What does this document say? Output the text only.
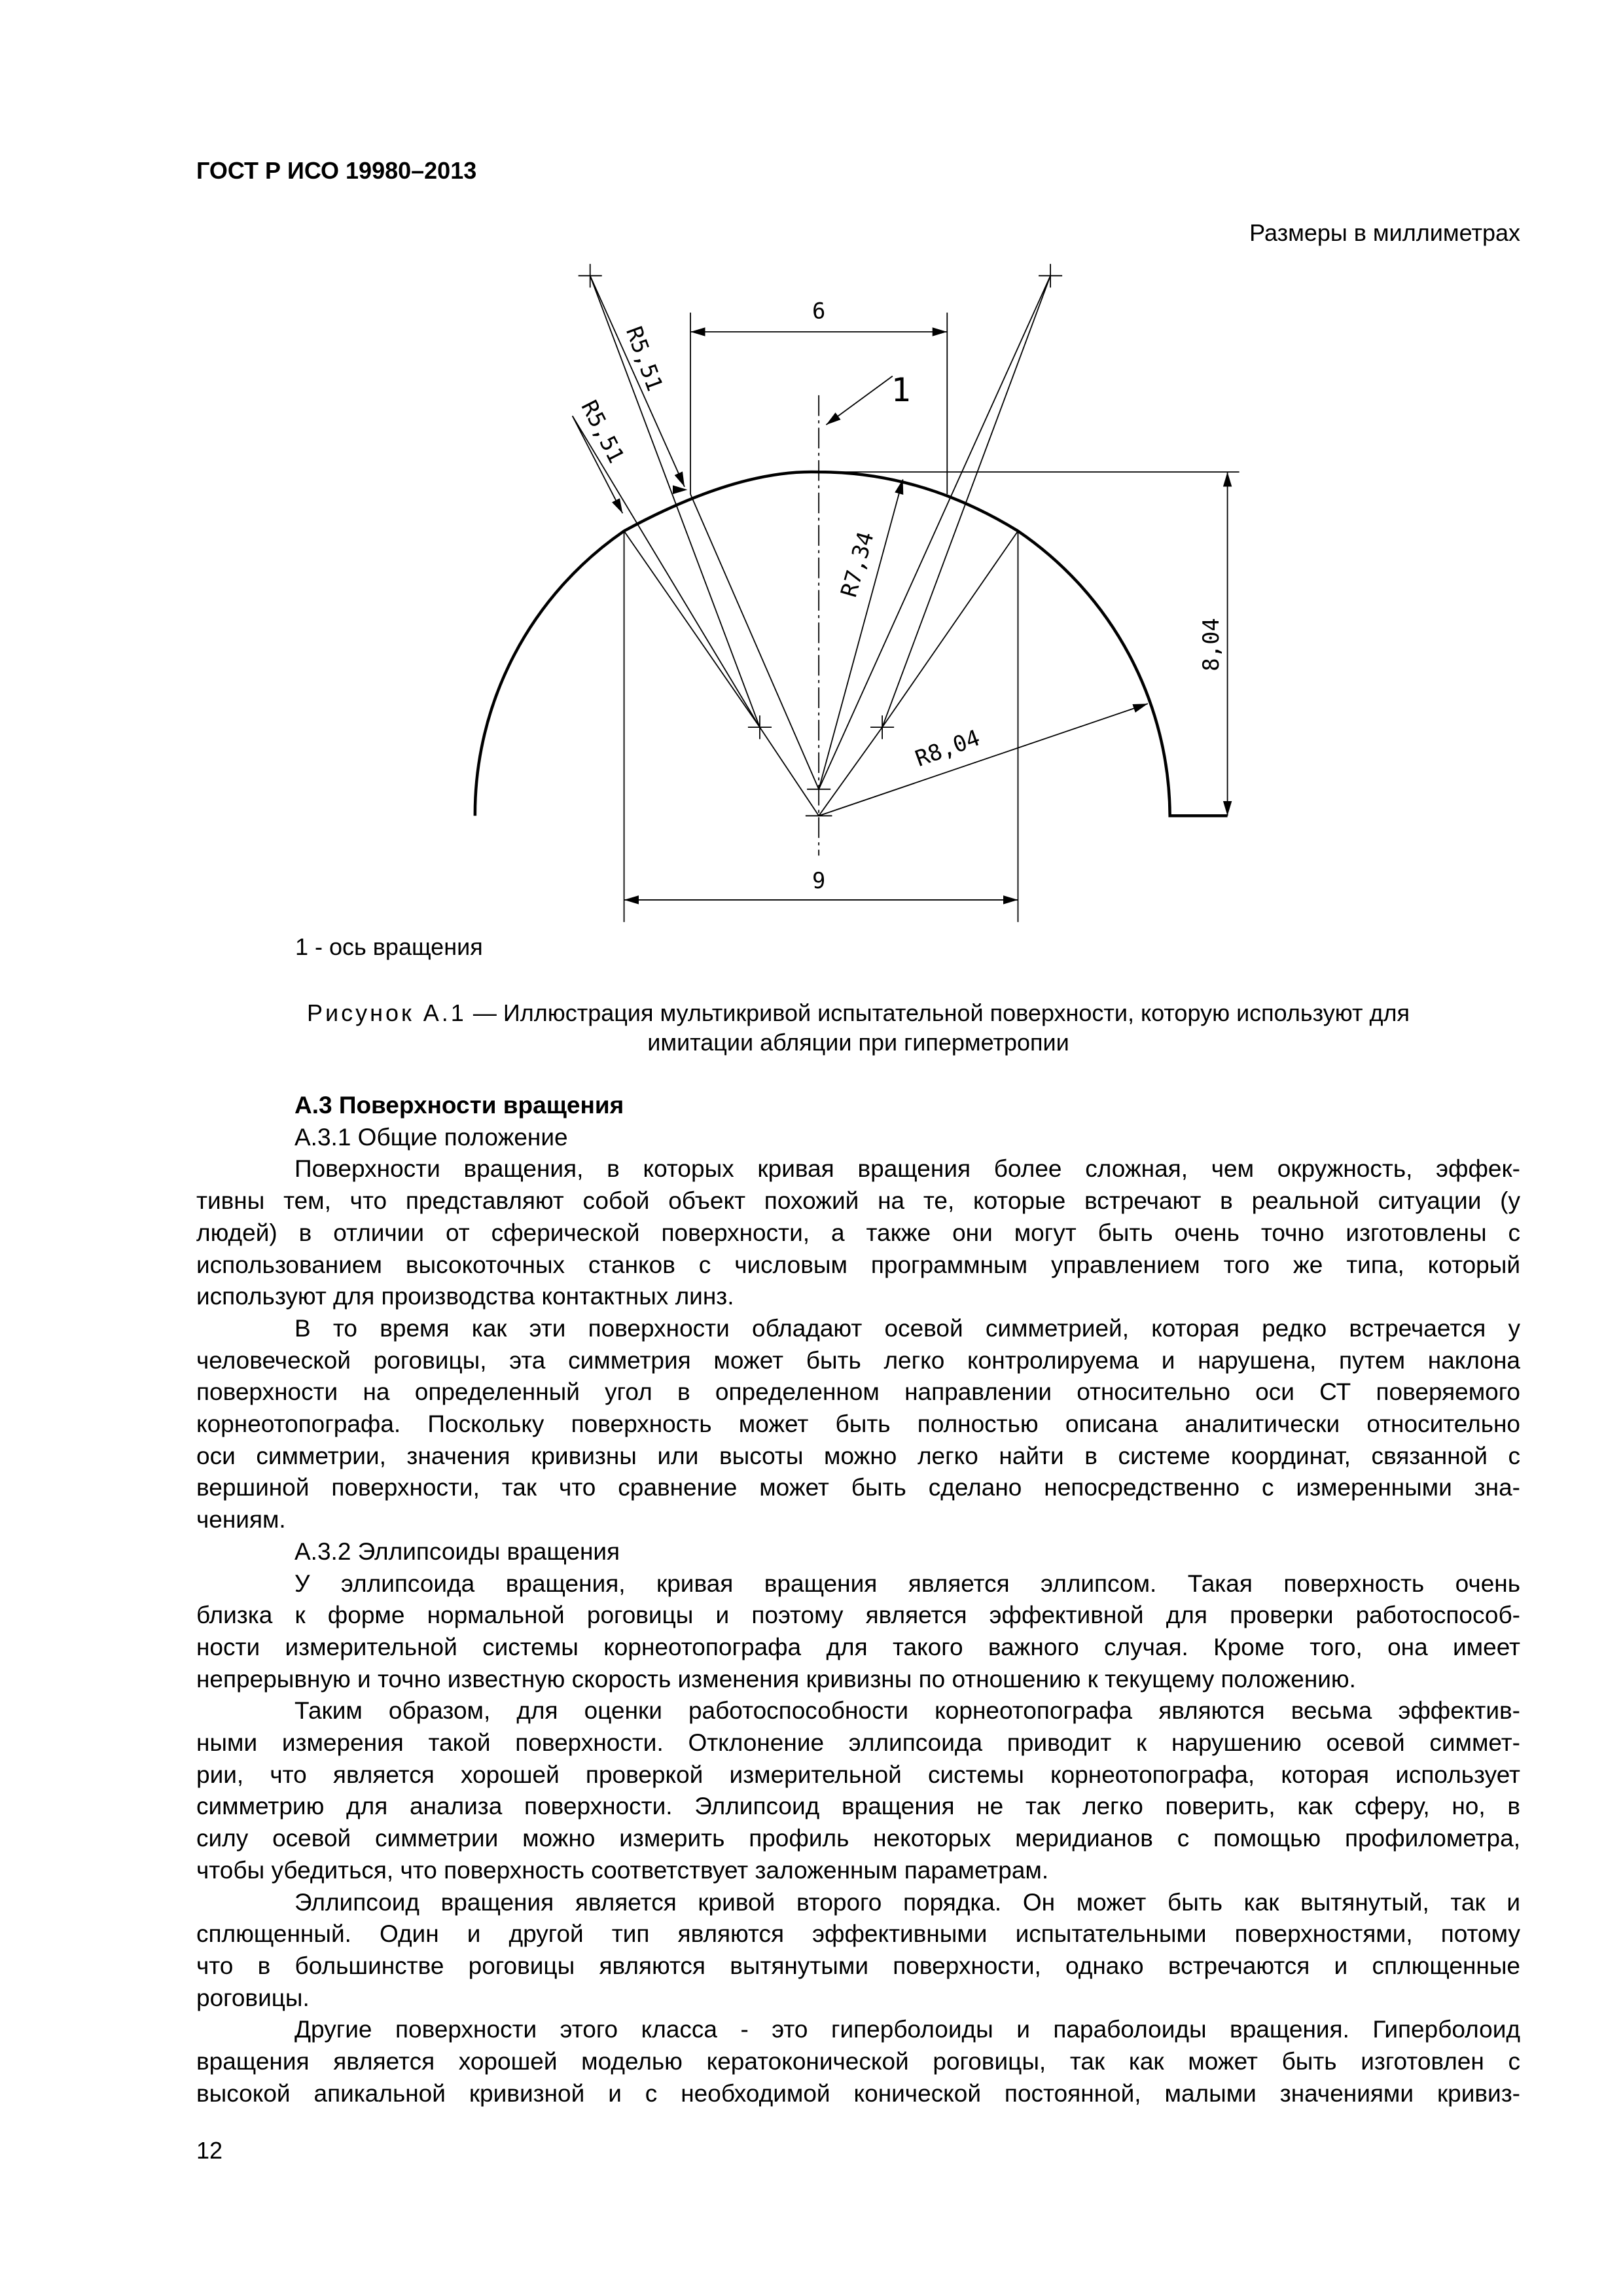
ГОСТ Р ИСО 19980–2013
Размеры в миллиметрах
6
9
8,04
R5,51
R5,51
R7,34
R8,04
1
1 - ось вращения
Рисунок А.1 — Иллюстрация мультикривой испытательной поверхности, которую используют для
имитации абляции при гиперметропии
А.3 Поверхности вращения
А.3.1 Общие положение
Поверхности вращения, в которых кривая вращения более сложная, чем окружность, эффек-
тивны тем, что представляют собой объект похожий на те, которые встречают в реальной ситуации (у
людей) в отличии от сферической поверхности, а также они могут быть очень точно изготовлены с
использованием высокоточных станков с числовым программным управлением того же типа, который
используют для производства контактных линз.
В то время как эти поверхности обладают осевой симметрией, которая редко встречается у
человеческой роговицы, эта симметрия может быть легко контролируема и нарушена, путем наклона
поверхности на определенный угол в определенном направлении относительно оси СТ поверяемого
корнеотопографа. Поскольку поверхность может быть полностью описана аналитически относительно
оси симметрии, значения кривизны или высоты можно легко найти в системе координат, связанной с
вершиной поверхности, так что сравнение может быть сделано непосредственно с измеренными зна-
чениям.
А.3.2 Эллипсоиды вращения
У эллипсоида вращения, кривая вращения является эллипсом. Такая поверхность очень
близка к форме нормальной роговицы и поэтому является эффективной для проверки работоспособ-
ности измерительной системы корнеотопографа для такого важного случая. Кроме того, она имеет
непрерывную и точно известную скорость изменения кривизны по отношению к текущему положению.
Таким образом, для оценки работоспособности корнеотопографа являются весьма эффектив-
ными измерения такой поверхности. Отклонение эллипсоида приводит к нарушению осевой симмет-
рии, что является хорошей проверкой измерительной системы корнеотопографа, которая использует
симметрию для анализа поверхности. Эллипсоид вращения не так легко поверить, как сферу, но, в
силу осевой симметрии можно измерить профиль некоторых меридианов с помощью профилометра,
чтобы убедиться, что поверхность соответствует заложенным параметрам.
Эллипсоид вращения является кривой второго порядка. Он может быть как вытянутый, так и
сплющенный. Один и другой тип являются эффективными испытательными поверхностями, потому
что в большинстве роговицы являются вытянутыми поверхности, однако встречаются и сплющенные
роговицы.
Другие поверхности этого класса - это гиперболоиды и параболоиды вращения. Гиперболоид
вращения является хорошей моделью кератоконической роговицы, так как может быть изготовлен с
высокой апикальной кривизной и с необходимой конической постоянной, малыми значениями кривиз-
12
